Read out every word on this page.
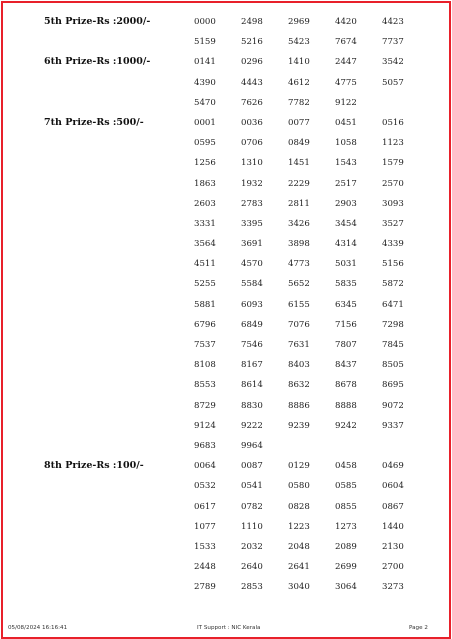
5th Prize-Rs :2000/-	0000	2498	2969	4420	4423
5159	5216	5423	7674	7737
6th Prize-Rs :1000/-	0141	0296	1410	2447	3542
4390	4443	4612	4775	5057
5470	7626	7782	9122
7th Prize-Rs :500/-	0001	0036	0077	0451	0516
0595	0706	0849	1058	1123
1256	1310	1451	1543	1579
1863	1932	2229	2517	2570
2603	2783	2811	2903	3093
3331	3395	3426	3454	3527
3564	3691	3898	4314	4339
4511	4570	4773	5031	5156
5255	5584	5652	5835	5872
5881	6093	6155	6345	6471
6796	6849	7076	7156	7298
7537	7546	7631	7807	7845
8108	8167	8403	8437	8505
8553	8614	8632	8678	8695
8729	8830	8886	8888	9072
9124	9222	9239	9242	9337
9683	9964
8th Prize-Rs :100/-	0064	0087	0129	0458	0469
0532	0541	0580	0585	0604
0617	0782	0828	0855	0867
1077	1110	1223	1273	1440
1533	2032	2048	2089	2130
2448	2640	2641	2699	2700
2789	2853	3040	3064	3273
05/08/2024 16:16:41	IT Support : NIC Kerala	Page 2
